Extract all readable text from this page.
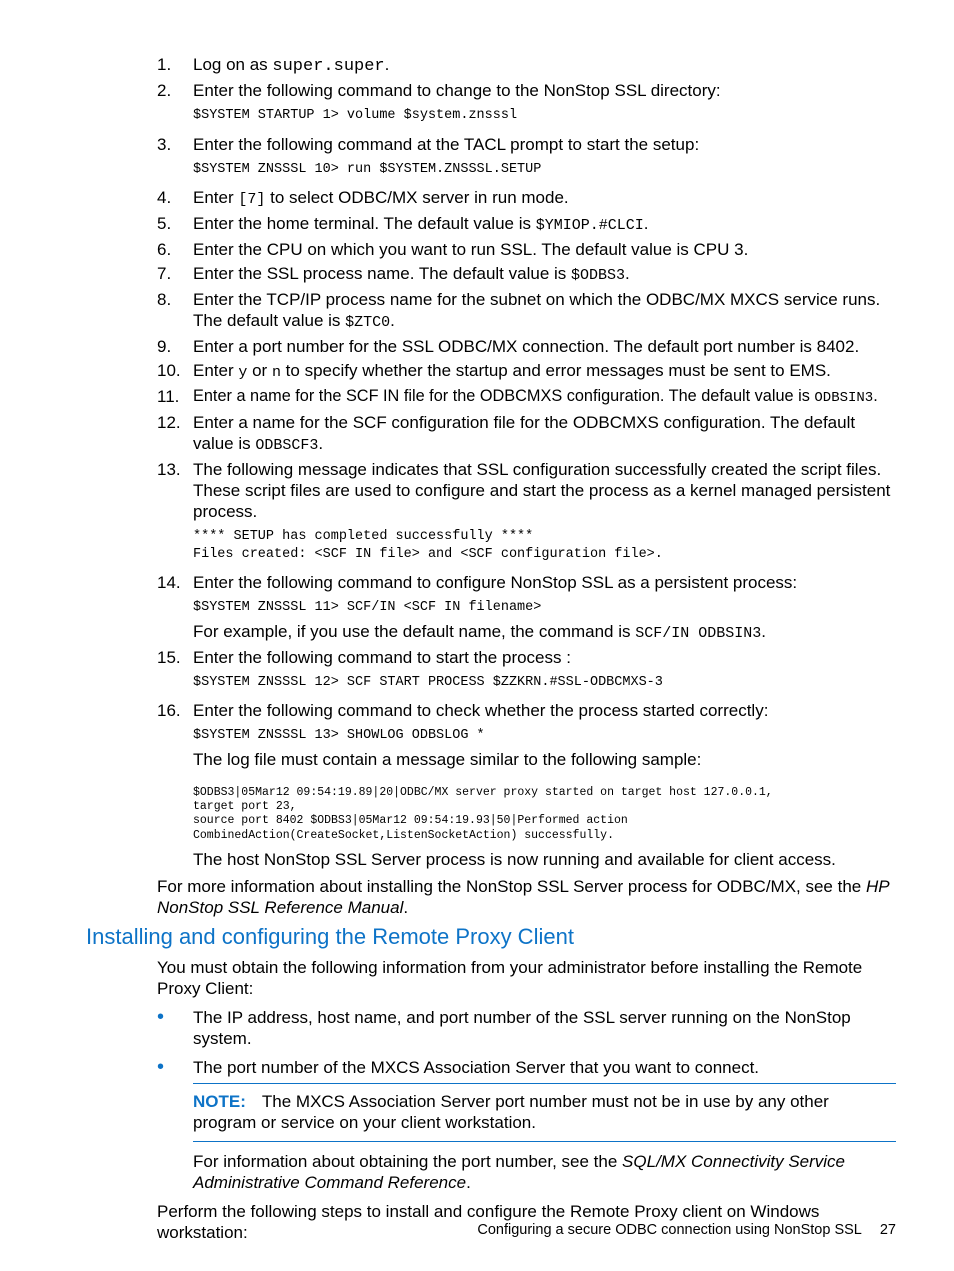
1.	Log on as super.super.

2.	Enter the following command to change to the NonStop SSL directory:

$SYSTEM STARTUP 1> volume $system.znsssl
3.	Enter the following command at the TACL prompt to start the setup:

$SYSTEM ZNSSSL 10> run $SYSTEM.ZNSSSL.SETUP
4.	Enter [7] to select ODBC/MX server in run mode.

5.	Enter the home terminal. The default value is $YMIOP.#CLCI.

6.	Enter the CPU on which you want to run SSL. The default value is CPU 3.

7.	Enter the SSL process name. The default value is $ODBS3.

8.	Enter the TCP/IP process name for the subnet on which the ODBC/MX MXCS service runs. The default value is $ZTC0.

9.	Enter a port number for the SSL ODBC/MX connection. The default port number is 8402.

10. Enter y or n to specify whether the startup and error messages must be sent to EMS.

11. Enter a name for the SCF IN file for the ODBCMXS configuration. The default value is ODBSIN3.

12. Enter a name for the SCF configuration file for the ODBCMXS configuration. The default value is ODBSCF3.

13. The following message indicates that SSL configuration successfully created the script files. These script files are used to configure and start the process as a kernel managed persistent process.

**** SETUP has completed successfully ****
Files created: <SCF IN file> and <SCF configuration file>.
14. Enter the following command to configure NonStop SSL as a persistent process:

$SYSTEM ZNSSSL 11> SCF/IN <SCF IN filename>
For example, if you use the default name, the command is SCF/IN ODBSIN3.
15. Enter the following command to start the process :

$SYSTEM ZNSSSL 12> SCF START PROCESS $ZZKRN.#SSL-ODBCMXS-3
16. Enter the following command to check whether the process started correctly:

$SYSTEM ZNSSSL 13> SHOWLOG ODBSLOG *
The log file must contain a message similar to the following sample:
$ODBS3|05Mar12 09:54:19.89|20|ODBC/MX server proxy started on target host 127.0.0.1,
target port 23,
source port 8402 $ODBS3|05Mar12 09:54:19.93|50|Performed action
CombinedAction(CreateSocket,ListenSocketAction) successfully.
The host NonStop SSL Server process is now running and available for client access.
For more information about installing the NonStop SSL Server process for ODBC/MX, see the HP NonStop SSL Reference Manual.
Installing and configuring the Remote Proxy Client
You must obtain the following information from your administrator before installing the Remote Proxy Client:
• The IP address, host name, and port number of the SSL server running on the NonStop system.
• The port number of the MXCS Association Server that you want to connect.
NOTE: The MXCS Association Server port number must not be in use by any other program or service on your client workstation.
For information about obtaining the port number, see the SQL/MX Connectivity Service Administrative Command Reference.
Perform the following steps to install and configure the Remote Proxy client on Windows workstation:	Configuring a secure ODBC connection using NonStop SSL 27
